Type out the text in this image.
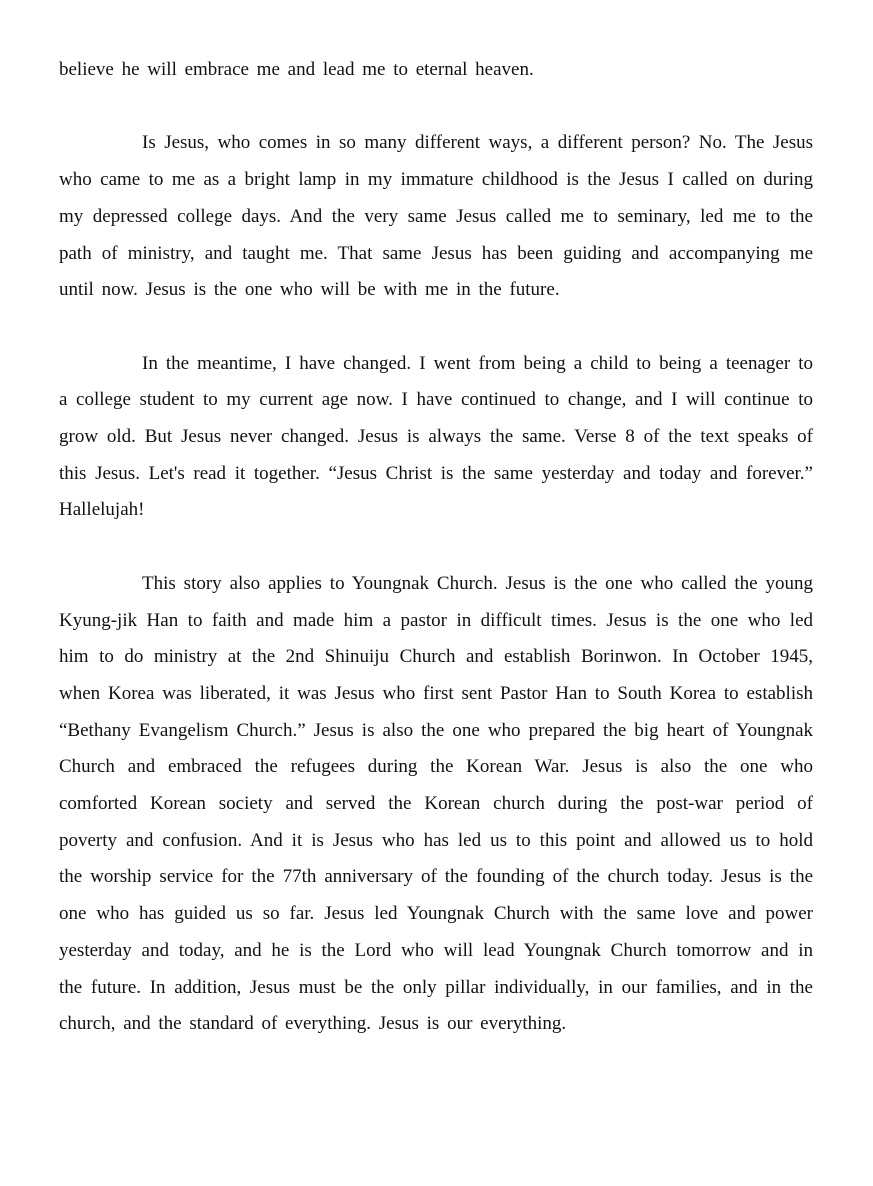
believe he will embrace me and lead me to eternal heaven.

Is Jesus, who comes in so many different ways, a different person? No. The Jesus who came to me as a bright lamp in my immature childhood is the Jesus I called on during my depressed college days. And the very same Jesus called me to seminary, led me to the path of ministry, and taught me. That same Jesus has been guiding and accompanying me until now. Jesus is the one who will be with me in the future.

In the meantime, I have changed. I went from being a child to being a teenager to a college student to my current age now. I have continued to change, and I will continue to grow old. But Jesus never changed. Jesus is always the same. Verse 8 of the text speaks of this Jesus. Let's read it together. “Jesus Christ is the same yesterday and today and forever.” Hallelujah!

This story also applies to Youngnak Church. Jesus is the one who called the young Kyung-jik Han to faith and made him a pastor in difficult times. Jesus is the one who led him to do ministry at the 2nd Shinuiju Church and establish Borinwon. In October 1945, when Korea was liberated, it was Jesus who first sent Pastor Han to South Korea to establish “Bethany Evangelism Church.” Jesus is also the one who prepared the big heart of Youngnak Church and embraced the refugees during the Korean War. Jesus is also the one who comforted Korean society and served the Korean church during the post-war period of poverty and confusion. And it is Jesus who has led us to this point and allowed us to hold the worship service for the 77th anniversary of the founding of the church today. Jesus is the one who has guided us so far. Jesus led Youngnak Church with the same love and power yesterday and today, and he is the Lord who will lead Youngnak Church tomorrow and in the future. In addition, Jesus must be the only pillar individually, in our families, and in the church, and the standard of everything. Jesus is our everything.
